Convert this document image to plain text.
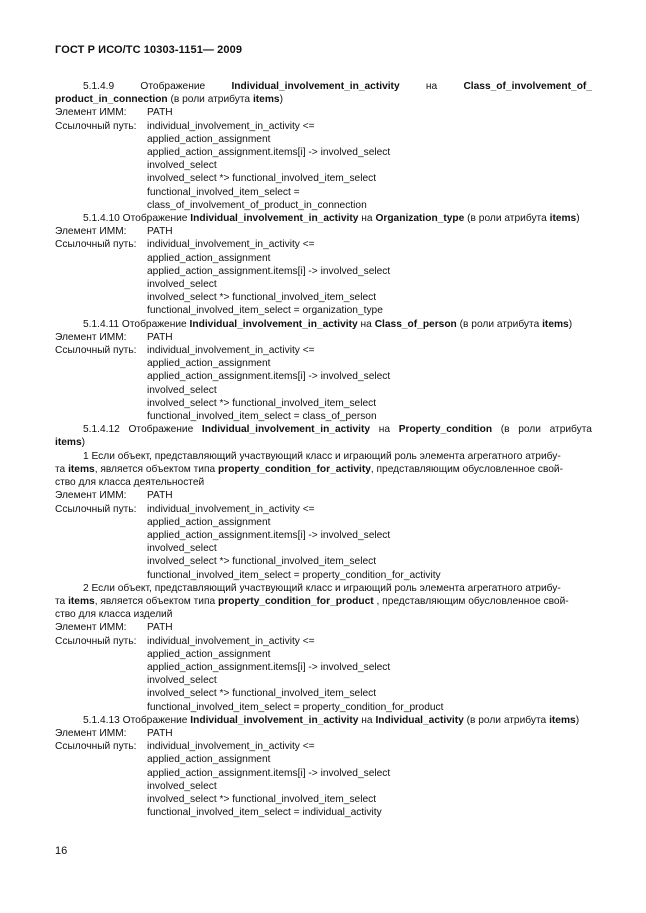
ГОСТ Р ИСО/ТС 10303-1151— 2009
5.1.4.9	Отображение	Individual_involvement_in_activity	на	Class_of_involvement_of_
product_in_connection (в роли атрибута items)
Элемент ИММ:	PATH
Ссылочный путь:	individual_involvement_in_activity <=
applied_action_assignment
applied_action_assignment.items[i] -> involved_select
involved_select
involved_select *> functional_involved_item_select
functional_involved_item_select =
class_of_involvement_of_product_in_connection
5.1.4.10 Отображение Individual_involvement_in_activity на Organization_type (в роли атрибута items)
Элемент ИММ:	PATH
Ссылочный путь:	individual_involvement_in_activity <=
applied_action_assignment
applied_action_assignment.items[i] -> involved_select
involved_select
involved_select *> functional_involved_item_select
functional_involved_item_select = organization_type
5.1.4.11 Отображение Individual_involvement_in_activity на Class_of_person (в роли атрибута items)
Элемент ИММ:	PATH
Ссылочный путь:	individual_involvement_in_activity <=
applied_action_assignment
applied_action_assignment.items[i] -> involved_select
involved_select
involved_select *> functional_involved_item_select
functional_involved_item_select = class_of_person
5.1.4.12 Отображение Individual_involvement_in_activity на Property_condition (в роли атрибута
items)
1 Если объект, представляющий участвующий класс и играющий роль элемента агрегатного атрибу-
та items, является объектом типа property_condition_for_activity, представляющим обусловленное свой-
ство для класса деятельностей
Элемент ИММ:	PATH
Ссылочный путь:	individual_involvement_in_activity <=
applied_action_assignment
applied_action_assignment.items[i] -> involved_select
involved_select
involved_select *> functional_involved_item_select
functional_involved_item_select = property_condition_for_activity
2 Если объект, представляющий участвующий класс и играющий роль элемента агрегатного атрибу-
та items, является объектом типа property_condition_for_product , представляющим обусловленное свой-
ство для класса изделий
Элемент ИММ:	PATH
Ссылочный путь:	individual_involvement_in_activity <=
applied_action_assignment
applied_action_assignment.items[i] -> involved_select
involved_select
involved_select *> functional_involved_item_select
functional_involved_item_select = property_condition_for_product
5.1.4.13 Отображение Individual_involvement_in_activity на Individual_activity (в роли атрибута items)
Элемент ИММ:	PATH
Ссылочный путь:	individual_involvement_in_activity <=
applied_action_assignment
applied_action_assignment.items[i] -> involved_select
involved_select
involved_select *> functional_involved_item_select
functional_involved_item_select = individual_activity
16
